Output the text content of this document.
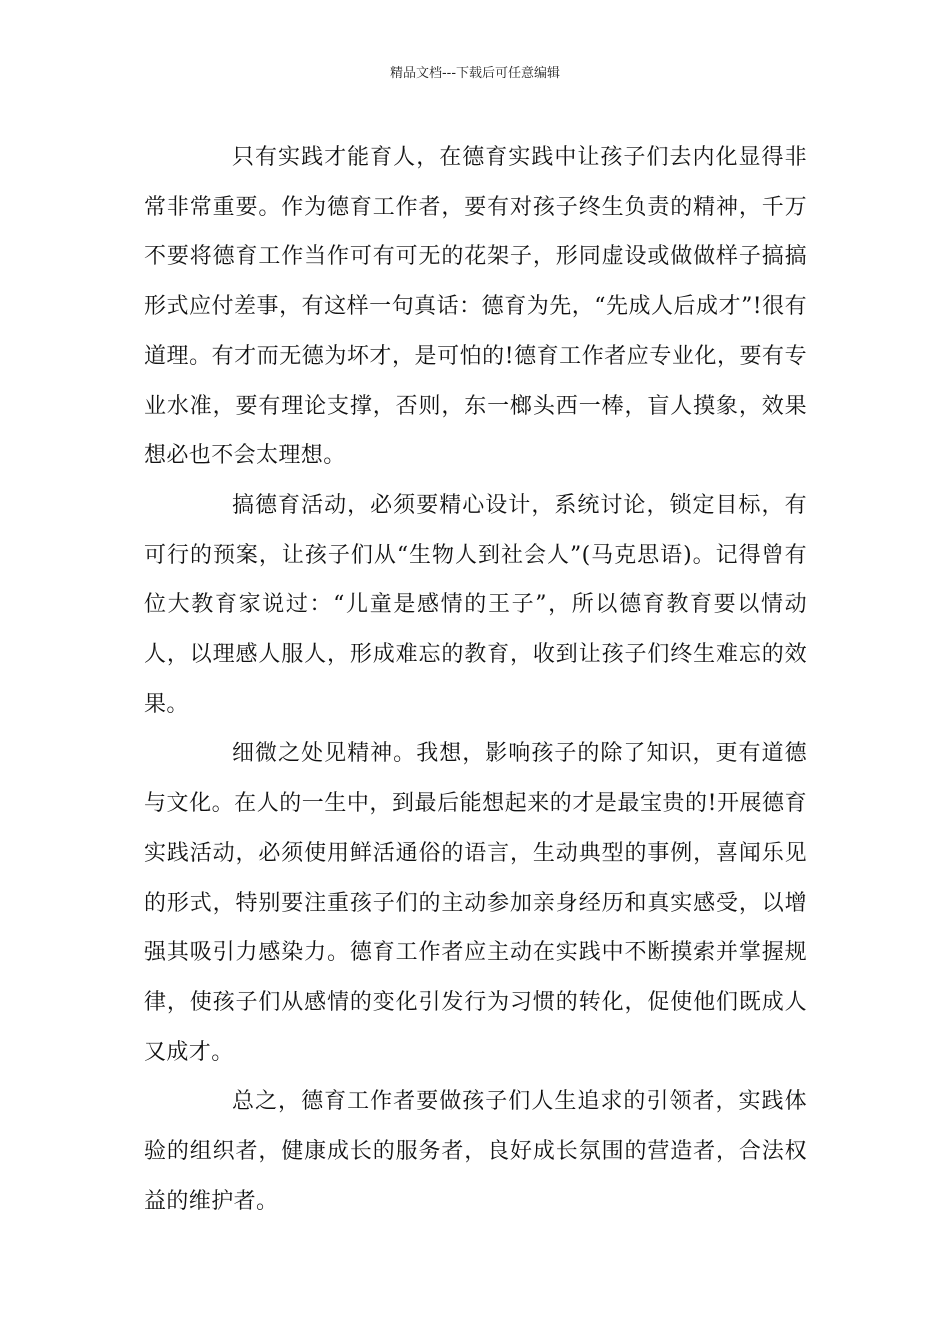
精品文档---下载后可任意编辑

只有实践才能育人，在德育实践中让孩子们去内化显得非常非常重要。作为德育工作者，要有对孩子终生负责的精神，千万不要将德育工作当作可有可无的花架子，形同虚设或做做样子搞搞形式应付差事，有这样一句真话：德育为先，“先成人后成才”!很有道理。有才而无德为坏才，是可怕的!德育工作者应专业化，要有专业水准，要有理论支撑，否则，东一榔头西一棒，盲人摸象，效果想必也不会太理想。

搞德育活动，必须要精心设计，系统讨论，锁定目标，有可行的预案，让孩子们从“生物人到社会人”(马克思语)。记得曾有位大教育家说过：“儿童是感情的王子”，所以德育教育要以情动人，以理感人服人，形成难忘的教育，收到让孩子们终生难忘的效果。

细微之处见精神。我想，影响孩子的除了知识，更有道德与文化。在人的一生中，到最后能想起来的才是最宝贵的!开展德育实践活动，必须使用鲜活通俗的语言，生动典型的事例，喜闻乐见的形式，特别要注重孩子们的主动参加亲身经历和真实感受，以增强其吸引力感染力。德育工作者应主动在实践中不断摸索并掌握规律，使孩子们从感情的变化引发行为习惯的转化，促使他们既成人又成才。

总之，德育工作者要做孩子们人生追求的引领者，实践体验的组织者，健康成长的服务者，良好成长氛围的营造者，合法权益的维护者。
